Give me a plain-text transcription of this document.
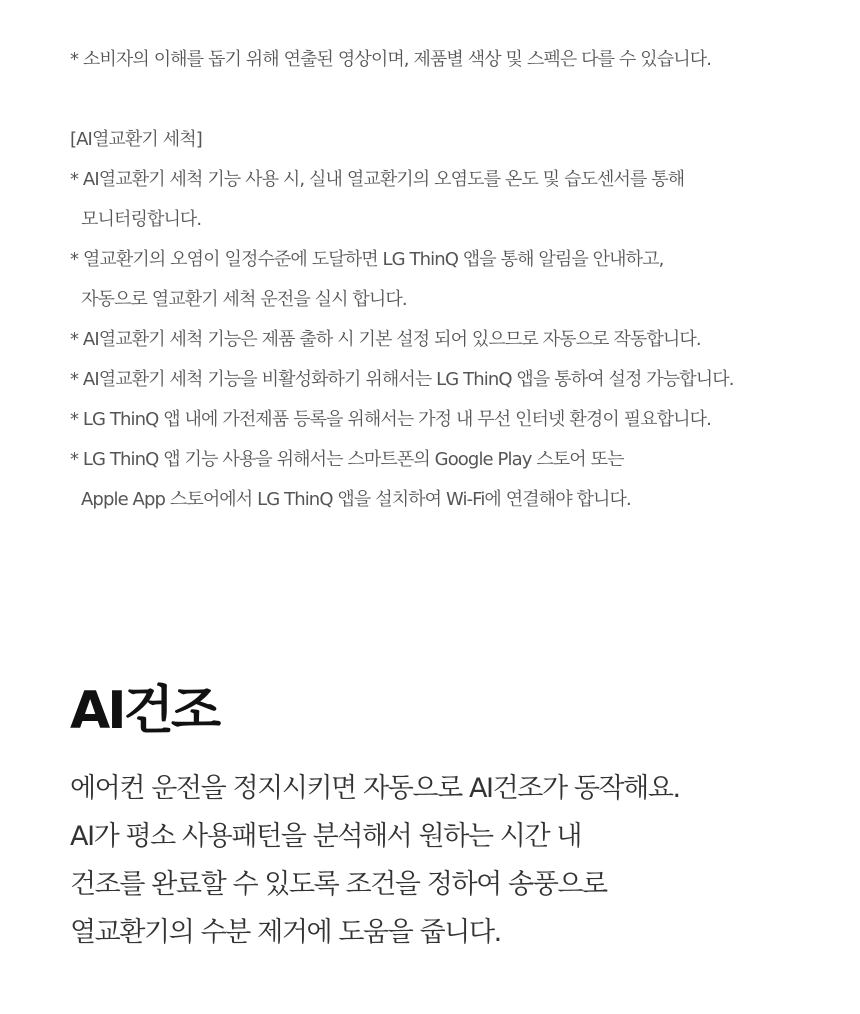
* 소비자의 이해를 돕기 위해 연출된 영상이며, 제품별 색상 및 스펙은 다를 수 있습니다.
[AI열교환기 세척]
* AI열교환기 세척 기능 사용 시, 실내 열교환기의 오염도를 온도 및 습도센서를 통해
모니터링합니다.
* 열교환기의 오염이 일정수준에 도달하면 LG ThinQ 앱을 통해 알림을 안내하고,
자동으로 열교환기 세척 운전을 실시 합니다.
* AI열교환기 세척 기능은 제품 출하 시 기본 설정 되어 있으므로 자동으로 작동합니다.
* AI열교환기 세척 기능을 비활성화하기 위해서는 LG ThinQ 앱을 통하여 설정 가능합니다.
* LG ThinQ 앱 내에 가전제품 등록을 위해서는 가정 내 무선 인터넷 환경이 필요합니다.
* LG ThinQ 앱 기능 사용을 위해서는 스마트폰의 Google Play 스토어 또는
Apple App 스토어에서 LG ThinQ 앱을 설치하여 Wi-Fi에 연결해야 합니다.
AI건조
에어컨 운전을 정지시키면 자동으로 AI건조가 동작해요.
AI가 평소 사용패턴을 분석해서 원하는 시간 내
건조를 완료할 수 있도록 조건을 정하여 송풍으로
열교환기의 수분 제거에 도움을 줍니다.
